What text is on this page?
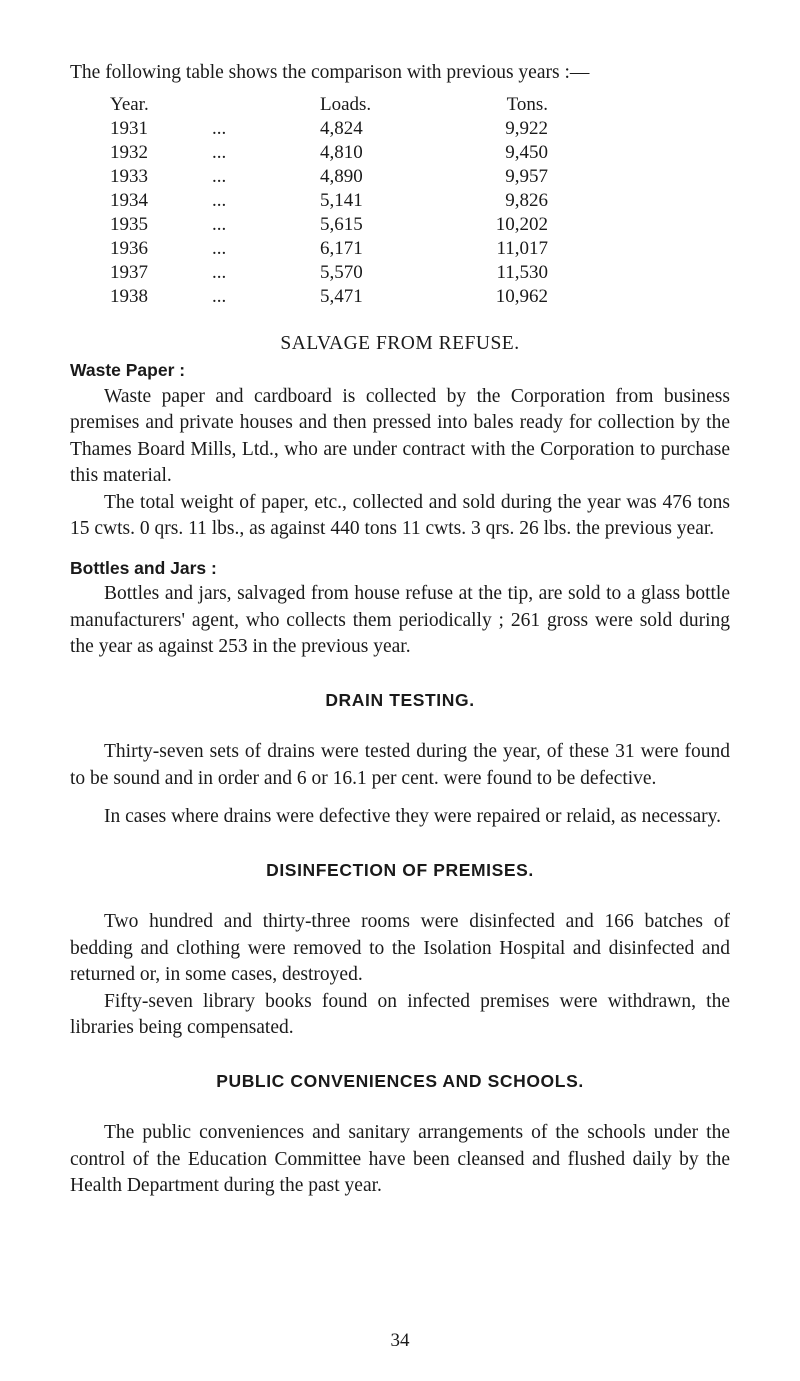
The following table shows the comparison with previous years :—

Year.		Loads.	Tons.
1931	...	4,824	9,922
1932	...	4,810	9,450
1933	...	4,890	9,957
1934	...	5,141	9,826
1935	...	5,615	10,202
1936	...	6,171	11,017
1937	...	5,570	11,530
1938	...	5,471	10,962
SALVAGE FROM REFUSE.
Waste Paper :

Waste paper and cardboard is collected by the Corporation from business premises and private houses and then pressed into bales ready for collection by the Thames Board Mills, Ltd., who are under contract with the Corporation to purchase this material.

The total weight of paper, etc., collected and sold during the year was 476 tons 15 cwts. 0 qrs. 11 lbs., as against 440 tons 11 cwts. 3 qrs. 26 lbs. the previous year.

Bottles and Jars :

Bottles and jars, salvaged from house refuse at the tip, are sold to a glass bottle manufacturers' agent, who collects them periodically ; 261 gross were sold during the year as against 253 in the previous year.

DRAIN TESTING.

Thirty-seven sets of drains were tested during the year, of these 31 were found to be sound and in order and 6 or 16.1 per cent. were found to be defective.

In cases where drains were defective they were repaired or relaid, as necessary.

DISINFECTION OF PREMISES.

Two hundred and thirty-three rooms were disinfected and 166 batches of bedding and clothing were removed to the Isolation Hospital and disinfected and returned or, in some cases, destroyed.

Fifty-seven library books found on infected premises were withdrawn, the libraries being compensated.

PUBLIC CONVENIENCES AND SCHOOLS.

The public conveniences and sanitary arrangements of the schools under the control of the Education Committee have been cleansed and flushed daily by the Health Department during the past year.

34
